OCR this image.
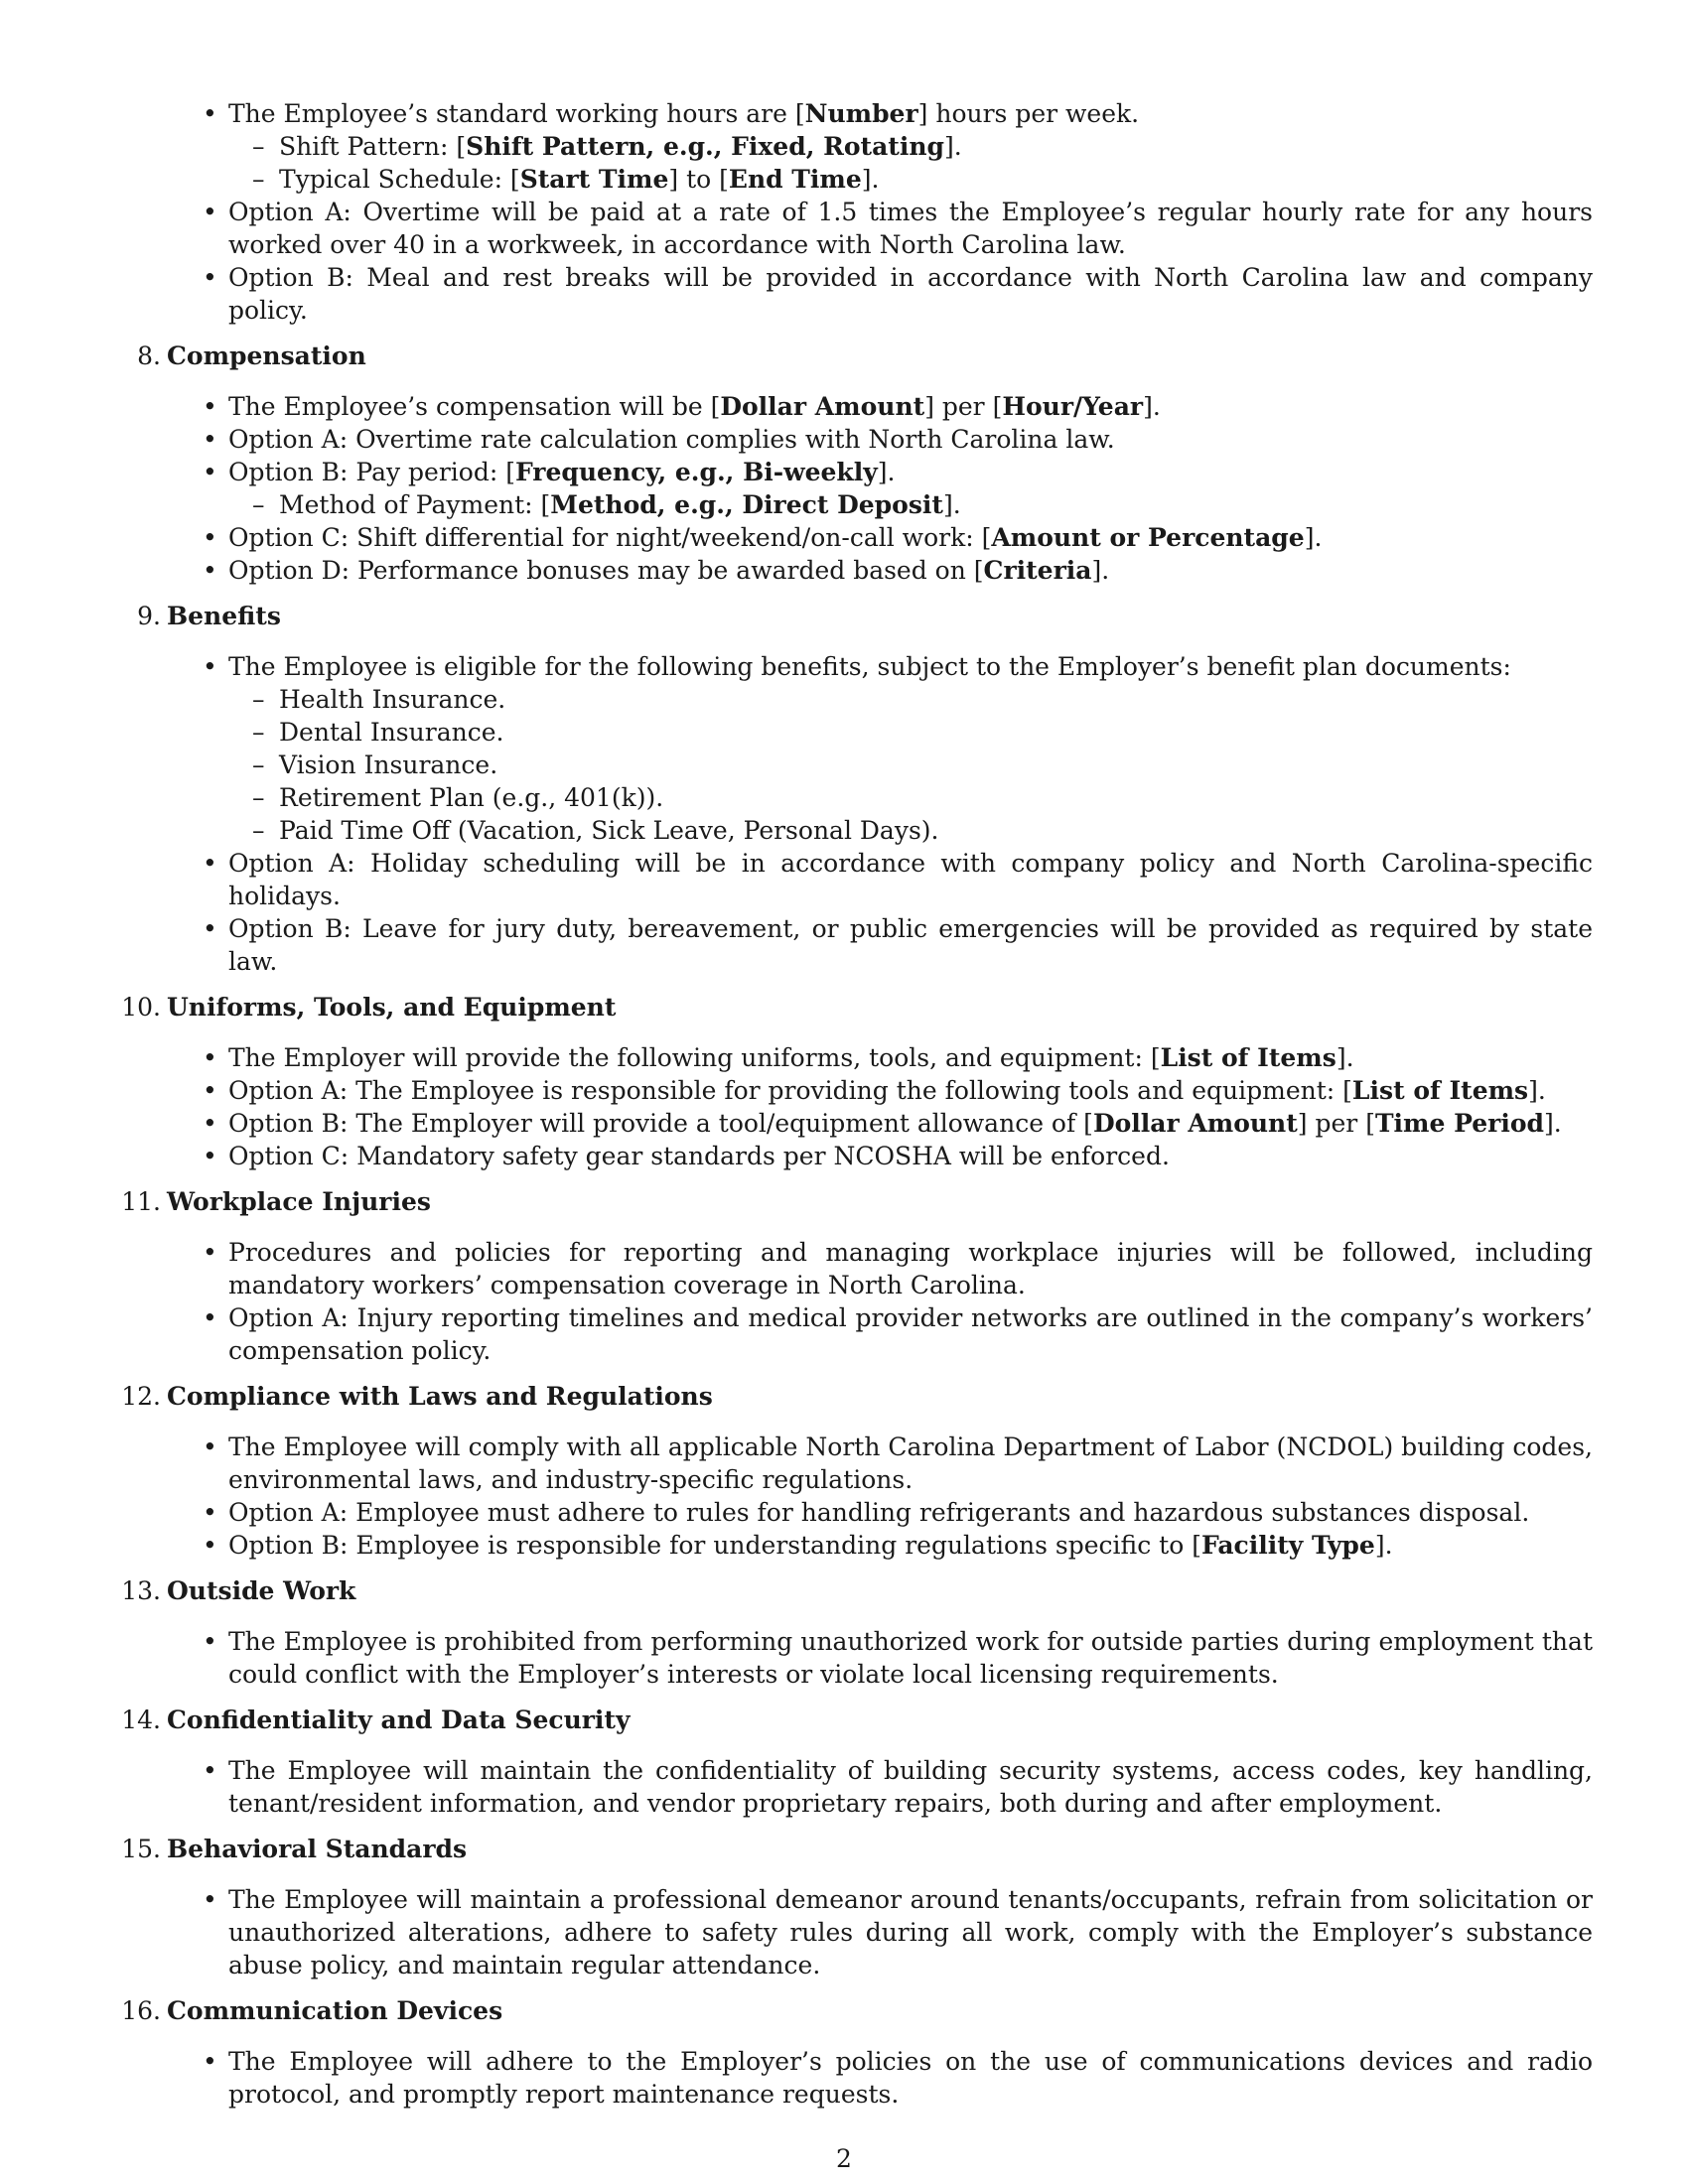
• The Employee’s standard working hours are [Number] hours per week.
– Shift Pattern: [Shift Pattern, e.g., Fixed, Rotating].
– Typical Schedule: [Start Time] to [End Time].
• Option A: Overtime will be paid at a rate of 1.5 times the Employee’s regular hourly rate for any hours worked over 40 in a workweek, in accordance with North Carolina law.
• Option B: Meal and rest breaks will be provided in accordance with North Carolina law and company policy.
8. Compensation
• The Employee’s compensation will be [Dollar Amount] per [Hour/Year].
• Option A: Overtime rate calculation complies with North Carolina law.
• Option B: Pay period: [Frequency, e.g., Bi-weekly].
– Method of Payment: [Method, e.g., Direct Deposit].
• Option C: Shift differential for night/weekend/on-call work: [Amount or Percentage].
• Option D: Performance bonuses may be awarded based on [Criteria].
9. Benefits
• The Employee is eligible for the following benefits, subject to the Employer’s benefit plan documents:
– Health Insurance.
– Dental Insurance.
– Vision Insurance.
– Retirement Plan (e.g., 401(k)).
– Paid Time Off (Vacation, Sick Leave, Personal Days).
• Option A: Holiday scheduling will be in accordance with company policy and North Carolina-specific holidays.
• Option B: Leave for jury duty, bereavement, or public emergencies will be provided as required by state law.
10. Uniforms, Tools, and Equipment
• The Employer will provide the following uniforms, tools, and equipment: [List of Items].
• Option A: The Employee is responsible for providing the following tools and equipment: [List of Items].
• Option B: The Employer will provide a tool/equipment allowance of [Dollar Amount] per [Time Period].
• Option C: Mandatory safety gear standards per NCOSHA will be enforced.
11. Workplace Injuries
• Procedures and policies for reporting and managing workplace injuries will be followed, including mandatory workers’ compensation coverage in North Carolina.
• Option A: Injury reporting timelines and medical provider networks are outlined in the company’s workers’ compensation policy.
12. Compliance with Laws and Regulations
• The Employee will comply with all applicable North Carolina Department of Labor (NCDOL) building codes, environmental laws, and industry-specific regulations.
• Option A: Employee must adhere to rules for handling refrigerants and hazardous substances disposal.
• Option B: Employee is responsible for understanding regulations specific to [Facility Type].
13. Outside Work
• The Employee is prohibited from performing unauthorized work for outside parties during employment that could conflict with the Employer’s interests or violate local licensing requirements.
14. Confidentiality and Data Security
• The Employee will maintain the confidentiality of building security systems, access codes, key handling, tenant/resident information, and vendor proprietary repairs, both during and after employment.
15. Behavioral Standards
• The Employee will maintain a professional demeanor around tenants/occupants, refrain from solicitation or unauthorized alterations, adhere to safety rules during all work, comply with the Employer’s substance abuse policy, and maintain regular attendance.
16. Communication Devices
• The Employee will adhere to the Employer’s policies on the use of communications devices and radio protocol, and promptly report maintenance requests.
2
